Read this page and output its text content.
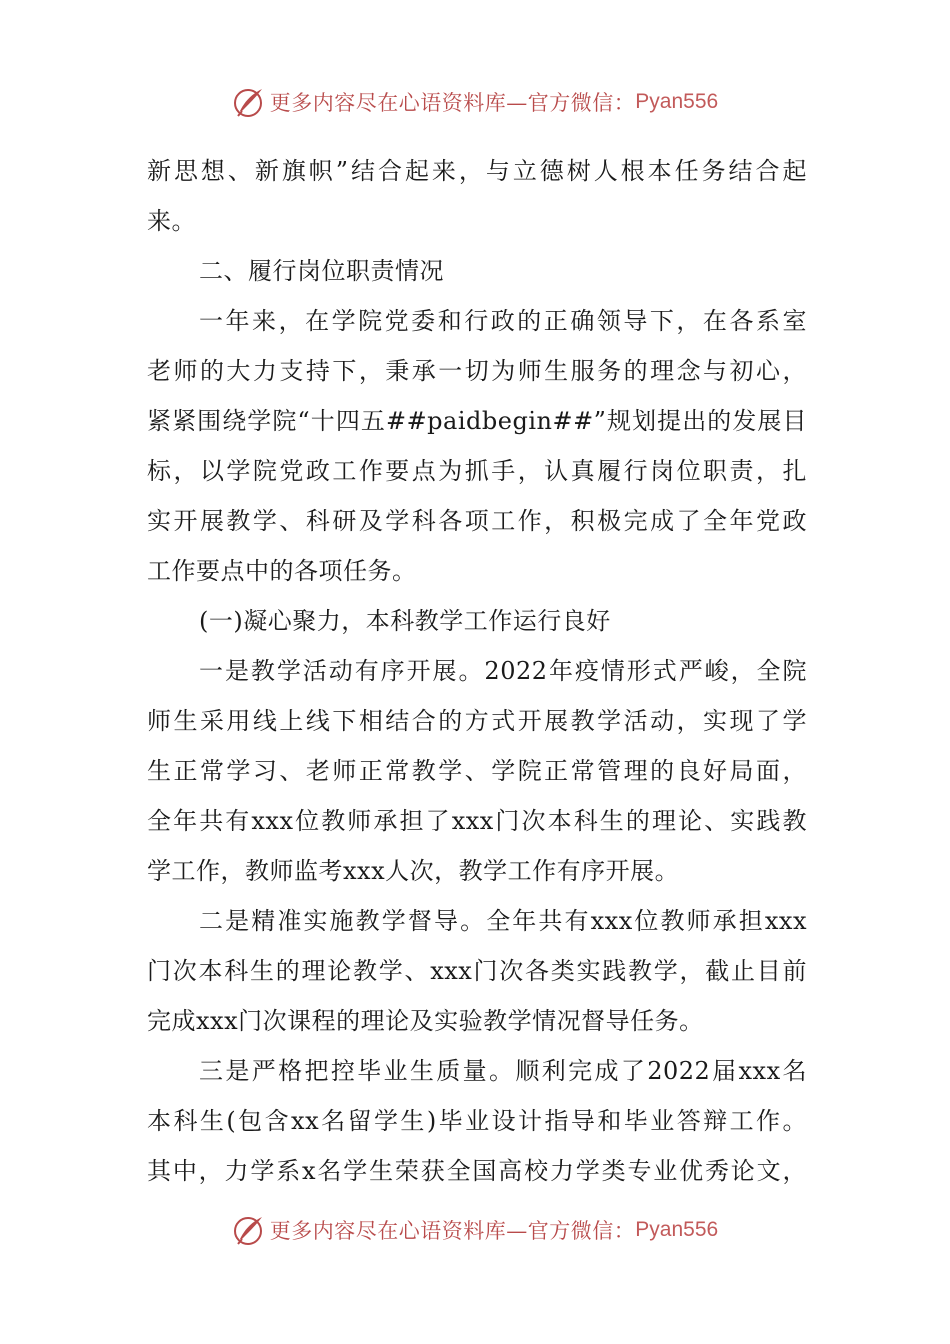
更多内容尽在心语资料库—官方微信： Pyan556
新思想、新旗帜”结合起来，与立德树人根本任务结合起
来。
二、履行岗位职责情况
一年来，在学院党委和行政的正确领导下，在各系室
老师的大力支持下，秉承一切为师生服务的理念与初心，
紧紧围绕学院“十四五##paidbegin##”规划提出的发展目
标，以学院党政工作要点为抓手，认真履行岗位职责，扎
实开展教学、科研及学科各项工作，积极完成了全年党政
工作要点中的各项任务。
(一)凝心聚力，本科教学工作运行良好
一是教学活动有序开展。2022年疫情形式严峻，全院
师生采用线上线下相结合的方式开展教学活动，实现了学
生正常学习、老师正常教学、学院正常管理的良好局面，
全年共有xxx位教师承担了xxx门次本科生的理论、实践教
学工作，教师监考xxx人次，教学工作有序开展。
二是精准实施教学督导。全年共有xxx位教师承担xxx
门次本科生的理论教学、xxx门次各类实践教学，截止目前
完成xxx门次课程的理论及实验教学情况督导任务。
三是严格把控毕业生质量。顺利完成了2022届xxx名
本科生(包含xx名留学生)毕业设计指导和毕业答辩工作。
其中，力学系x名学生荣获全国高校力学类专业优秀论文，
更多内容尽在心语资料库—官方微信： Pyan556
